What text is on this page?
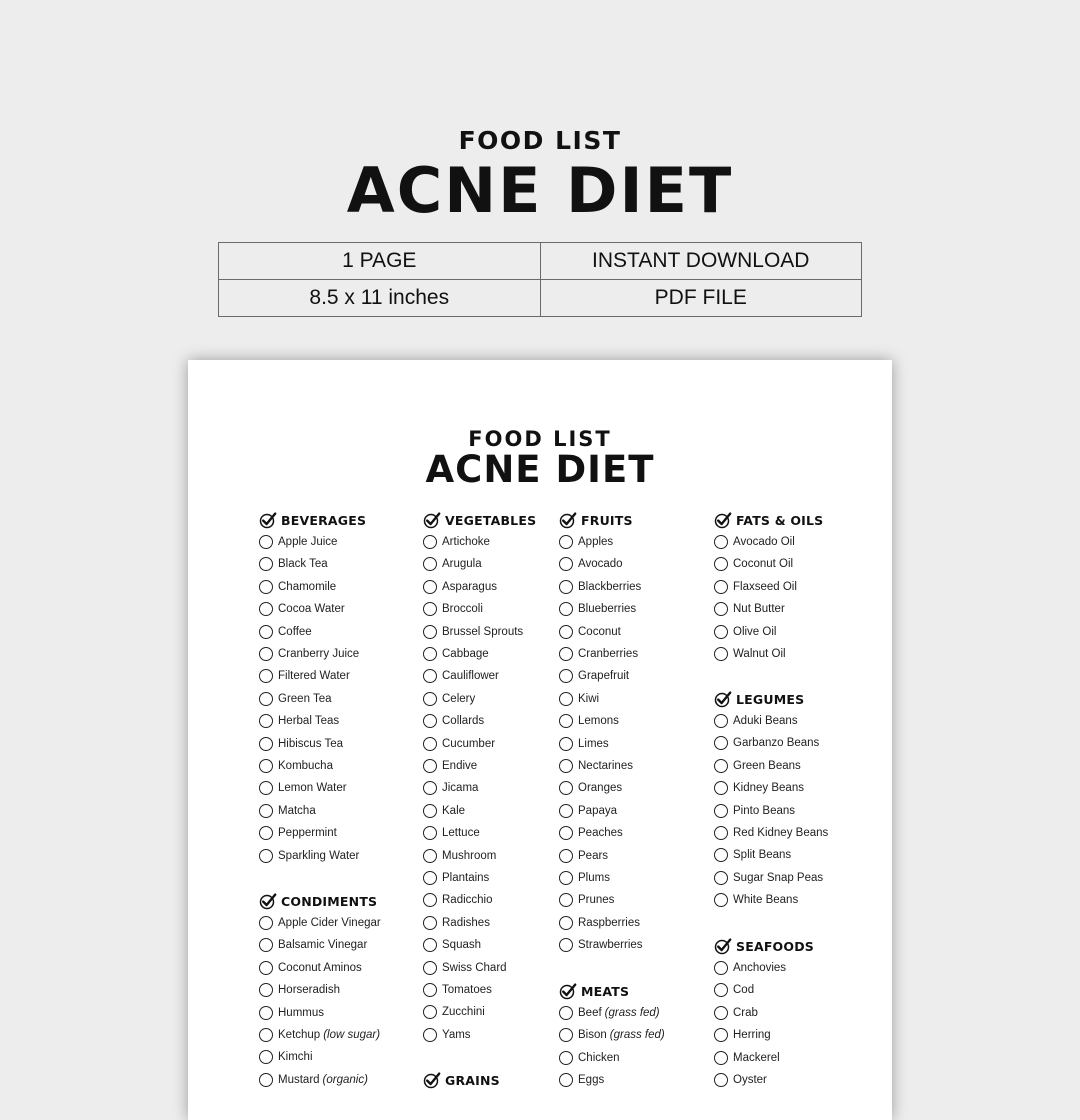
FOOD LIST
ACNE DIET
1 PAGE	INSTANT DOWNLOAD
8.5 x 11 inches	PDF FILE
FOOD LIST
ACNE DIET
BEVERAGES
Apple Juice
Black Tea
Chamomile
Cocoa Water
Coffee
Cranberry Juice
Filtered Water
Green Tea
Herbal Teas
Hibiscus Tea
Kombucha
Lemon Water
Matcha
Peppermint
Sparkling Water
CONDIMENTS
Apple Cider Vinegar
Balsamic Vinegar
Coconut Aminos
Horseradish
Hummus
Ketchup (low sugar)
Kimchi
Mustard (organic)
VEGETABLES
Artichoke
Arugula
Asparagus
Broccoli
Brussel Sprouts
Cabbage
Cauliflower
Celery
Collards
Cucumber
Endive
Jicama
Kale
Lettuce
Mushroom
Plantains
Radicchio
Radishes
Squash
Swiss Chard
Tomatoes
Zucchini
Yams
GRAINS
FRUITS
Apples
Avocado
Blackberries
Blueberries
Coconut
Cranberries
Grapefruit
Kiwi
Lemons
Limes
Nectarines
Oranges
Papaya
Peaches
Pears
Plums
Prunes
Raspberries
Strawberries
MEATS
Beef (grass fed)
Bison (grass fed)
Chicken
Eggs
FATS & OILS
Avocado Oil
Coconut Oil
Flaxseed Oil
Nut Butter
Olive Oil
Walnut Oil
LEGUMES
Aduki Beans
Garbanzo Beans
Green Beans
Kidney Beans
Pinto Beans
Red Kidney Beans
Split Beans
Sugar Snap Peas
White Beans
SEAFOODS
Anchovies
Cod
Crab
Herring
Mackerel
Oyster
